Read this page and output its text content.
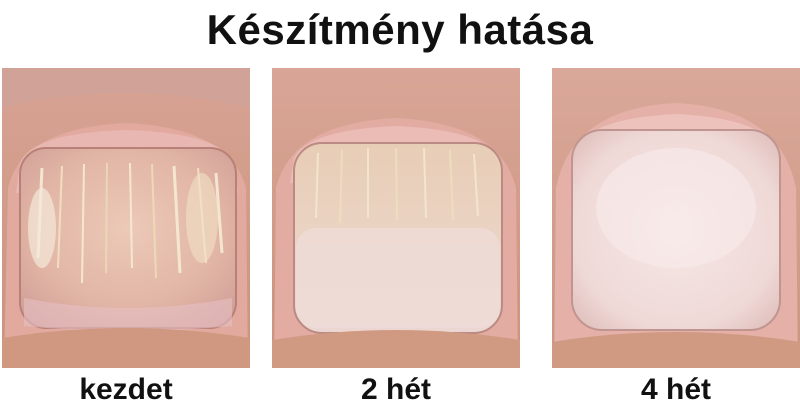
Készítmény hatása
kezdet	2 hét	4 hét
